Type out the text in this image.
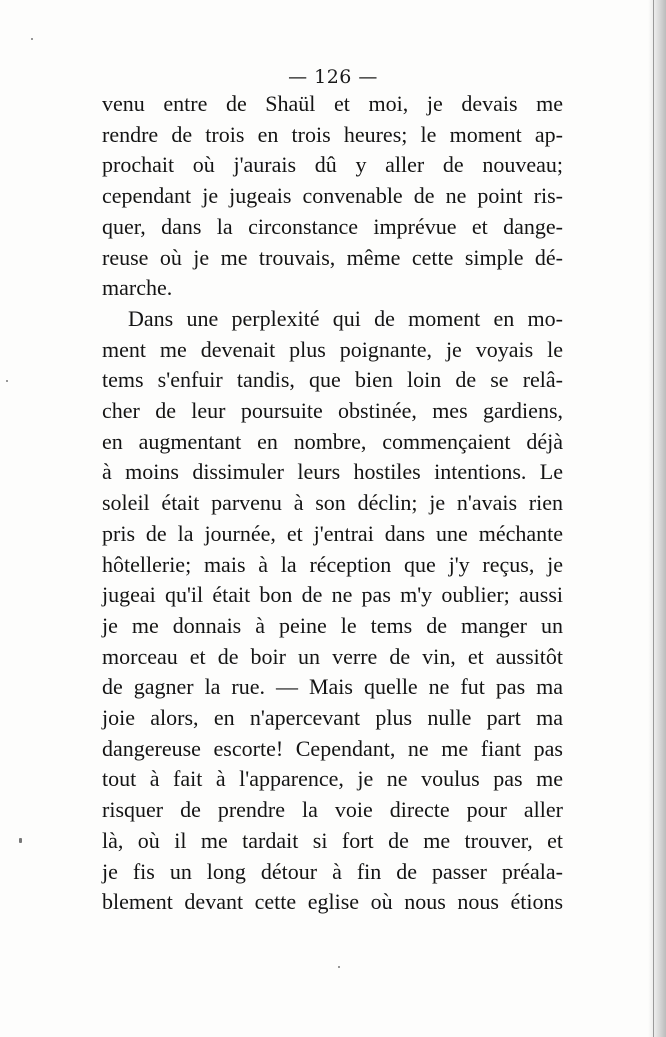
— 126 —

venu entre de Shaül et moi, je devais me
rendre de trois en trois heures; le moment ap-
prochait où j'aurais dû y aller de nouveau;
cependant je jugeais convenable de ne point ris-
quer, dans la circonstance imprévue et dange-
reuse où je me trouvais, même cette simple dé-
marche.

Dans une perplexité qui de moment en mo-
ment me devenait plus poignante, je voyais le
tems s'enfuir tandis, que bien loin de se relâ-
cher de leur poursuite obstinée, mes gardiens,
en augmentant en nombre, commençaient déjà
à moins dissimuler leurs hostiles intentions. Le
soleil était parvenu à son déclin; je n'avais rien
pris de la journée, et j'entrai dans une méchante
hôtellerie; mais à la réception que j'y reçus, je
jugeai qu'il était bon de ne pas m'y oublier; aussi
je me donnais à peine le tems de manger un
morceau et de boir un verre de vin, et aussitôt
de gagner la rue. — Mais quelle ne fut pas ma
joie alors, en n'apercevant plus nulle part ma
dangereuse escorte! Cependant, ne me fiant pas
tout à fait à l'apparence, je ne voulus pas me
risquer de prendre la voie directe pour aller
là, où il me tardait si fort de me trouver, et
je fis un long détour à fin de passer préala-
blement devant cette eglise où nous nous étions
